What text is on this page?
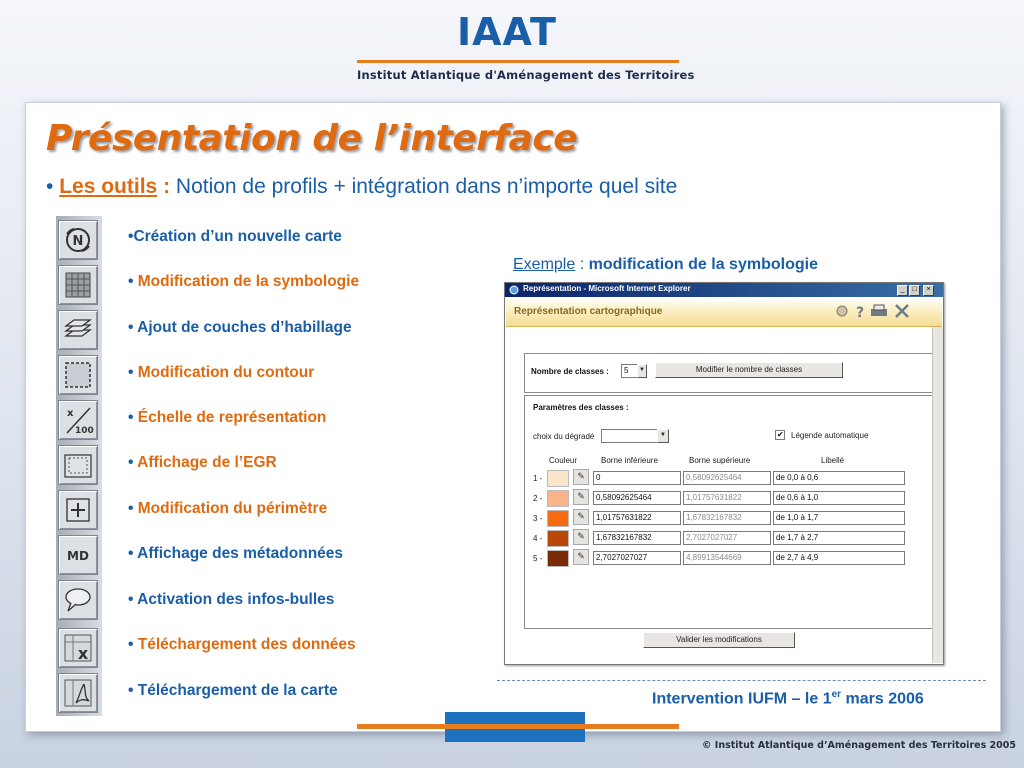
IAAT
Institut Atlantique d'Aménagement des Territoires
Présentation de l’interface
• Les outils : Notion de profils + intégration dans n’importe quel site
N
x
100
MD
x
•Création d’un nouvelle carte
• Modification de la symbologie
• Ajout de couches d’habillage
• Modification du contour
• Échelle de représentation
• Affichage de l’EGR
• Modification du périmètre
• Affichage des métadonnées
• Activation des infos-bulles
• Téléchargement des données
• Téléchargement de la carte
Exemple : modification de la symbologie
Représentation - Microsoft Internet Explorer	_	□	×
Représentation cartographique	?
Nombre de classes :	5	▼	Modifier le nombre de classes
Paramètres des classes :
choix du dégradé	▼	✔ Légende automatique
Couleur	Borne inférieure	Borne supérieure	Libellé
1 -	✎	0	0,58092625464	de 0,0 à 0,6
2 -	✎	0,58092625464	1,01757631822	de 0,6 à 1,0
3 -	✎	1,01757631822	1,67832167832	de 1,0 à 1,7
4 -	✎	1,67832167832	2,7027027027	de 1,7 à 2,7
5 -	✎	2,7027027027	4,89913544669	de 2,7 à 4,9
Valider les modifications
Intervention IUFM – le 1er mars 2006
© Institut Atlantique d’Aménagement des Territoires 2005
